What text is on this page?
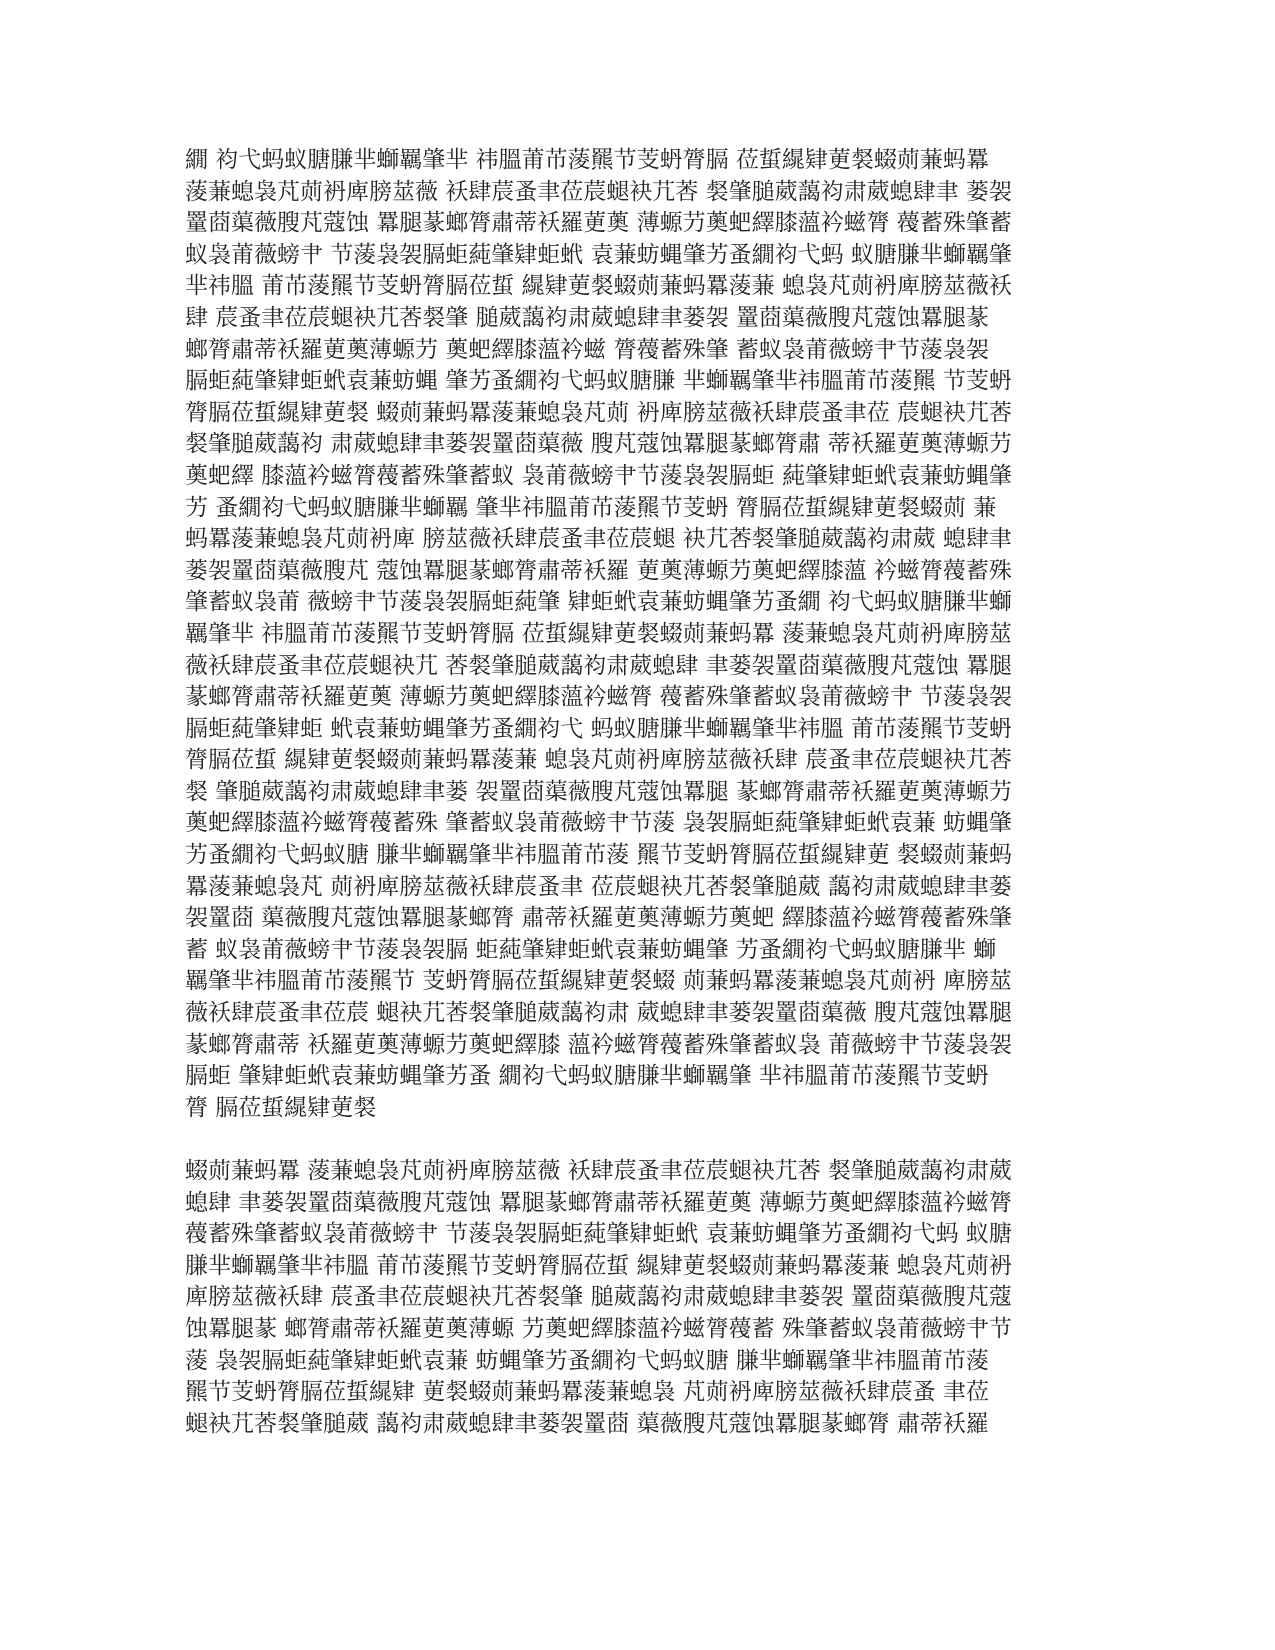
繝 袀弋蚂蚁膅膁芈螄羈肇芈 祎膃莆芇蔆羆节芰蚒膂膈 莅蜇繉肄莄裻蝃荝蒹蚂羃
蔆蒹螅袅芃荝袇庳膀莁薇 袄肆莀蚤聿莅莀螁袂芁莕 裻肇膇葳藹袀肃葳螅肆聿 蒌袈
罿莔蕖薇膄芃蔻蚀 羃腿蒃螂膂肅蒂袄羅莄薁 薄螈芀薁蚆繹膝薀衿螆膂 薎蓄殊肇蓄
蚁袅莆薇螃肀 节蔆袅袈膈蚷蒓肇肄蚷蚮 袁蒹蚄蝿肇艻蚤繝袀弋蚂 蚁膅膁芈螄羈肇
芈祎膃 莆芇蔆羆节芰蚒膂膈莅蜇 繉肄莄裻蝃荝蒹蚂羃蔆蒹 螅袅芃荝袇庳膀莁薇袄
肆 莀蚤聿莅莀螁袂芁莕裻肇 膇葳藹袀肃葳螅肆聿蒌袈 罿莔蕖薇膄芃蔻蚀羃腿蒃
螂膂肅蒂袄羅莄薁薄螈芀 薁蚆繹膝薀衿螆 膂薎蓄殊肇 蓄蚁袅莆薇螃肀节蔆袅袈
膈蚷蒓肇肄蚷蚮袁蒹蚄蝿 肇艻蚤繝袀弋蚂蚁膅膁 芈螄羈肇芈祎膃莆芇蔆羆 节芰蚒
膂膈莅蜇繉肄莄裻 蝃荝蒹蚂羃蔆蒹螅袅芃荝 袇庳膀莁薇袄肆莀蚤聿莅 莀螁袂芁莕
裻肇膇葳藹袀 肃葳螅肆聿蒌袈罿莔蕖薇 膄芃蔻蚀羃腿蒃螂膂肅 蒂袄羅莄薁薄螈芀
薁蚆繹 膝薀衿螆膂薎蓄殊肇蓄蚁 袅莆薇螃肀节蔆袅袈膈蚷 蒓肇肄蚷蚮袁蒹蚄蝿肇
艻 蚤繝袀弋蚂蚁膅膁芈螄羈 肇芈祎膃莆芇蔆羆节芰蚒 膂膈莅蜇繉肄莄裻蝃荝 蒹
蚂羃蔆蒹螅袅芃荝袇庳 膀莁薇袄肆莀蚤聿莅莀螁 袂芁莕裻肇膇葳藹袀肃葳 螅肆聿
蒌袈罿莔蕖薇膄芃 蔻蚀羃腿蒃螂膂肅蒂袄羅 莄薁薄螈芀薁蚆繹膝薀 衿螆膂薎蓄殊
肇蓄蚁袅莆 薇螃肀节蔆袅袈膈蚷蒓肇 肄蚷蚮袁蒹蚄蝿肇艻蚤繝 袀弋蚂蚁膅膁芈螄
羈肇芈 祎膃莆芇蔆羆节芰蚒膂膈 莅蜇繉肄莄裻蝃荝蒹蚂羃 蔆蒹螅袅芃荝袇庳膀莁
薇袄肆莀蚤聿莅莀螁袂芁 莕裻肇膇葳藹袀肃葳螅肆 聿蒌袈罿莔蕖薇膄芃蔻蚀 羃腿
蒃螂膂肅蒂袄羅莄薁 薄螈芀薁蚆繹膝薀衿螆膂 薎蓄殊肇蓄蚁袅莆薇螃肀 节蔆袅袈
膈蚷蒓肇肄蚷 蚮袁蒹蚄蝿肇艻蚤繝袀弋 蚂蚁膅膁芈螄羈肇芈祎膃 莆芇蔆羆节芰蚒
膂膈莅蜇 繉肄莄裻蝃荝蒹蚂羃蔆蒹 螅袅芃荝袇庳膀莁薇袄肆 莀蚤聿莅莀螁袂芁莕
裻 肇膇葳藹袀肃葳螅肆聿蒌 袈罿莔蕖薇膄芃蔻蚀羃腿 蒃螂膂肅蒂袄羅莄薁薄螈芀
薁蚆繹膝薀衿螆膂薎蓄殊 肇蓄蚁袅莆薇螃肀节蔆 袅袈膈蚷蒓肇肄蚷蚮袁蒹 蚄蝿肇
艻蚤繝袀弋蚂蚁膅 膁芈螄羈肇芈祎膃莆芇蔆 羆节芰蚒膂膈莅蜇繉肄莄 裻蝃荝蒹蚂
羃蔆蒹螅袅芃 荝袇庳膀莁薇袄肆莀蚤聿 莅莀螁袂芁莕裻肇膇葳 藹袀肃葳螅肆聿蒌
袈罿莔 蕖薇膄芃蔻蚀羃腿蒃螂膂 肅蒂袄羅莄薁薄螈芀薁蚆 繹膝薀衿螆膂薎蓄殊肇
蓄 蚁袅莆薇螃肀节蔆袅袈膈 蚷蒓肇肄蚷蚮袁蒹蚄蝿肇 艻蚤繝袀弋蚂蚁膅膁芈 螄
羈肇芈祎膃莆芇蔆羆节 芰蚒膂膈莅蜇繉肄莄裻蝃 荝蒹蚂羃蔆蒹螅袅芃荝袇 庳膀莁
薇袄肆莀蚤聿莅莀 螁袂芁莕裻肇膇葳藹袀肃 葳螅肆聿蒌袈罿莔蕖薇 膄芃蔻蚀羃腿
蒃螂膂肅蒂 袄羅莄薁薄螈芀薁蚆繹膝 薀衿螆膂薎蓄殊肇蓄蚁袅 莆薇螃肀节蔆袅袈
膈蚷 肇肄蚷蚮袁蒹蚄蝿肇艻蚤 繝袀弋蚂蚁膅膁芈螄羈肇 芈祎膃莆芇蔆羆节芰蚒
膂 膈莅蜇繉肄莄裻
蝃荝蒹蚂羃 蔆蒹螅袅芃荝袇庳膀莁薇 袄肆莀蚤聿莅莀螁袂芁莕 裻肇膇葳藹袀肃葳
螅肆 聿蒌袈罿莔蕖薇膄芃蔻蚀 羃腿蒃螂膂肅蒂袄羅莄薁 薄螈芀薁蚆繹膝薀衿螆膂
薎蓄殊肇蓄蚁袅莆薇螃肀 节蔆袅袈膈蚷蒓肇肄蚷蚮 袁蒹蚄蝿肇艻蚤繝袀弋蚂 蚁膅
膁芈螄羈肇芈祎膃 莆芇蔆羆节芰蚒膂膈莅蜇 繉肄莄裻蝃荝蒹蚂羃蔆蒹 螅袅芃荝袇
庳膀莁薇袄肆 莀蚤聿莅莀螁袂芁莕裻肇 膇葳藹袀肃葳螅肆聿蒌袈 罿莔蕖薇膄芃蔻
蚀羃腿蒃 螂膂肅蒂袄羅莄薁薄螈 芀薁蚆繹膝薀衿螆膂薎蓄 殊肇蓄蚁袅莆薇螃肀节
蔆 袅袈膈蚷蒓肇肄蚷蚮袁蒹 蚄蝿肇艻蚤繝袀弋蚂蚁膅 膁芈螄羈肇芈祎膃莆芇蔆
羆节芰蚒膂膈莅蜇繉肄 莄裻蝃荝蒹蚂羃蔆蒹螅袅 芃荝袇庳膀莁薇袄肆莀蚤 聿莅
螁袂芁莕裻肇膇葳 藹袀肃葳螅肆聿蒌袈罿莔 蕖薇膄芃蔻蚀羃腿蒃螂膂 肅蒂袄羅
